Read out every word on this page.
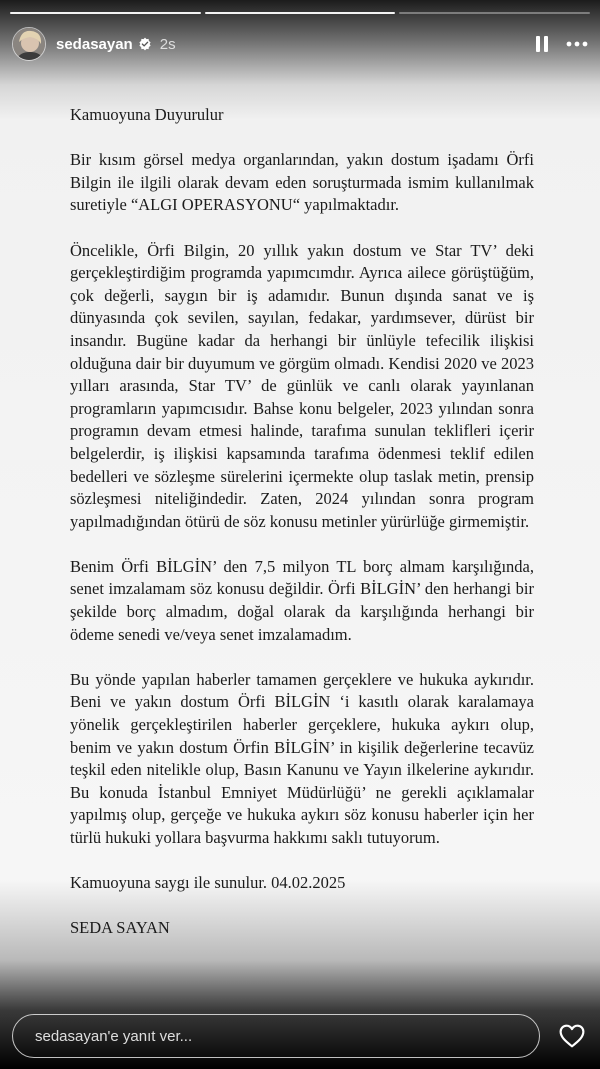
sedasayan 2s

Kamuoyuna Duyurulur

Bir kısım görsel medya organlarından, yakın dostum işadamı Örfi Bilgin ile ilgili olarak devam eden soruşturmada ismim kullanılmak suretiyle “ALGI OPERASYONU“ yapılmaktadır.

Öncelikle, Örfi Bilgin, 20 yıllık yakın dostum ve Star TV’ deki gerçekleştirdiğim programda yapımcımdır. Ayrıca ailece görüştüğüm, çok değerli, saygın bir iş adamıdır. Bunun dışında sanat ve iş dünyasında çok sevilen, sayılan, fedakar, yardımsever, dürüst bir insandır. Bugüne kadar da herhangi bir ünlüyle tefecilik ilişkisi olduğuna dair bir duyumum ve görgüm olmadı. Kendisi 2020 ve 2023 yılları arasında, Star TV’ de günlük ve canlı olarak yayınlanan programların yapımcısıdır. Bahse konu belgeler, 2023 yılından sonra programın devam etmesi halinde, tarafıma sunulan teklifleri içerir belgelerdir, iş ilişkisi kapsamında tarafıma ödenmesi teklif edilen bedelleri ve sözleşme sürelerini içermekte olup taslak metin, prensip sözleşmesi niteliğindedir. Zaten, 2024 yılından sonra program yapılmadığından ötürü de söz konusu metinler yürürlüğe girmemiştir.

Benim Örfi BİLGİN’ den 7,5 milyon TL borç almam karşılığında, senet imzalamam söz konusu değildir. Örfi BİLGİN’ den herhangi bir şekilde borç almadım, doğal olarak da karşılığında herhangi bir ödeme senedi ve/veya senet imzalamadım.

Bu yönde yapılan haberler tamamen gerçeklere ve hukuka aykırıdır. Beni ve yakın dostum Örfi BİLGİN ‘i kasıtlı olarak karalamaya yönelik gerçekleştirilen haberler gerçeklere, hukuka aykırı olup, benim ve yakın dostum Örfin BİLGİN’ in kişilik değerlerine tecavüz teşkil eden nitelikle olup, Basın Kanunu ve Yayın ilkelerine aykırıdır. Bu konuda İstanbul Emniyet Müdürlüğü’ ne gerekli açıklamalar yapılmış olup, gerçeğe ve hukuka aykırı söz konusu haberler için her türlü hukuki yollara başvurma hakkımı saklı tutuyorum.

Kamuoyuna saygı ile sunulur. 04.02.2025

SEDA SAYAN

sedasayan'e yanıt ver...
